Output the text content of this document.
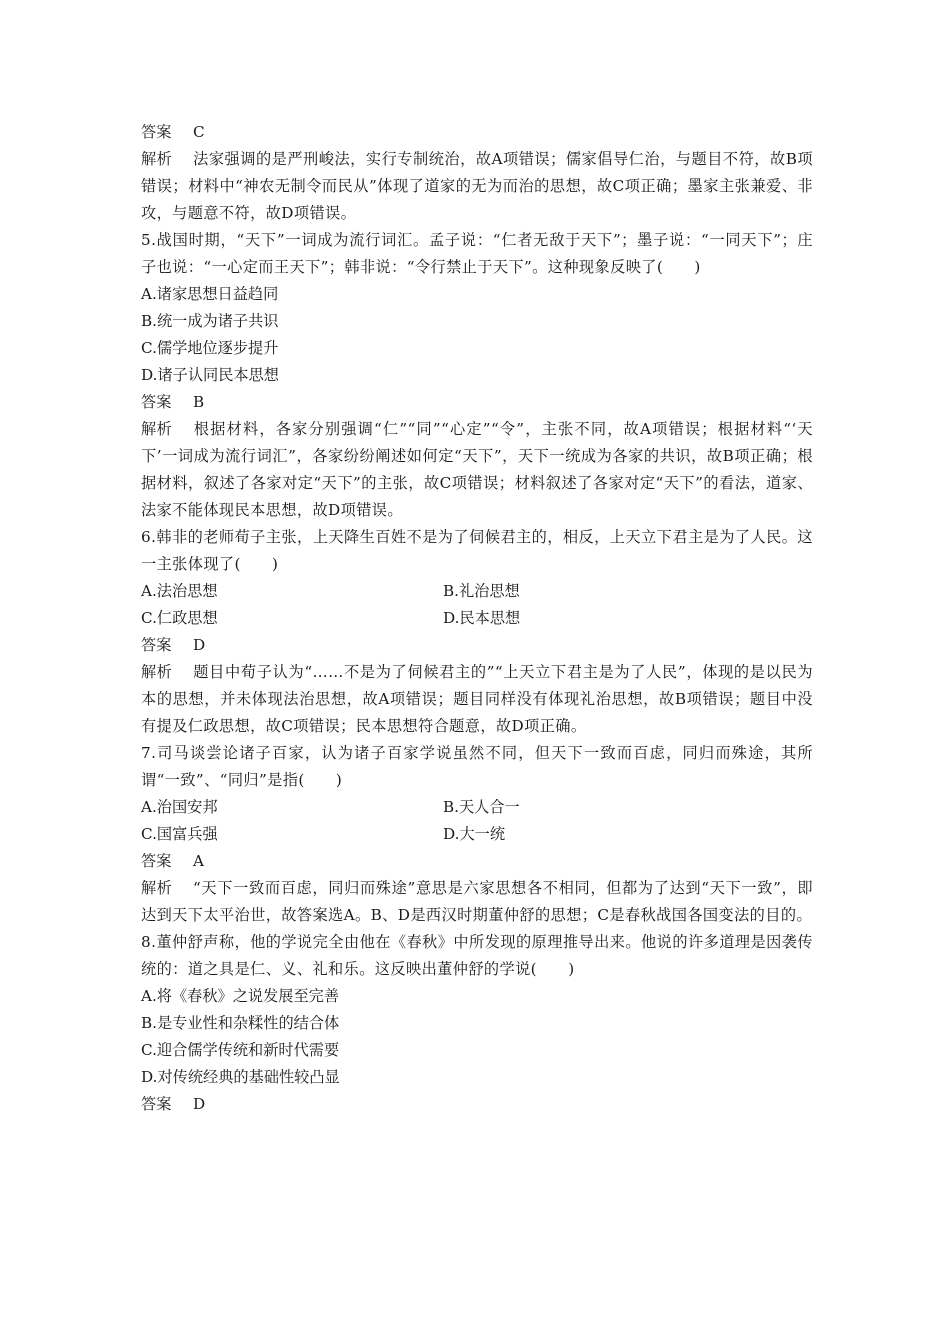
答案 C
解析 法家强调的是严刑峻法，实行专制统治，故A项错误；儒家倡导仁治，与题目不符，故B项错误；材料中“神农无制令而民从”体现了道家的无为而治的思想，故C项正确；墨家主张兼爱、非攻，与题意不符，故D项错误。
5.战国时期，“天下”一词成为流行词汇。孟子说：“仁者无敌于天下”；墨子说：“一同天下”；庄子也说：“一心定而王天下”；韩非说：“令行禁止于天下”。这种现象反映了(　　)
A.诸家思想日益趋同
B.统一成为诸子共识
C.儒学地位逐步提升
D.诸子认同民本思想
答案 B
解析 根据材料，各家分别强调“仁”“同”“心定”“令”，主张不同，故A项错误；根据材料“‘天下’一词成为流行词汇”，各家纷纷阐述如何定“天下”，天下一统成为各家的共识，故B项正确；根据材料，叙述了各家对定“天下”的主张，故C项错误；材料叙述了各家对定“天下”的看法，道家、法家不能体现民本思想，故D项错误。
6.韩非的老师荀子主张，上天降生百姓不是为了伺候君主的，相反，上天立下君主是为了人民。这一主张体现了(　　)
A.法治思想	B.礼治思想
C.仁政思想	D.民本思想
答案 D
解析 题目中荀子认为“……不是为了伺候君主的”“上天立下君主是为了人民”，体现的是以民为本的思想，并未体现法治思想，故A项错误；题目同样没有体现礼治思想，故B项错误；题目中没有提及仁政思想，故C项错误；民本思想符合题意，故D项正确。
7.司马谈尝论诸子百家，认为诸子百家学说虽然不同，但天下一致而百虑，同归而殊途，其所谓“一致”、“同归”是指(　　)
A.治国安邦	B.天人合一
C.国富兵强	D.大一统
答案 A
解析 “天下一致而百虑，同归而殊途”意思是六家思想各不相同，但都为了达到“天下一致”，即达到天下太平治世，故答案选A。B、D是西汉时期董仲舒的思想；C是春秋战国各国变法的目的。
8.董仲舒声称，他的学说完全由他在《春秋》中所发现的原理推导出来。他说的许多道理是因袭传统的：道之具是仁、义、礼和乐。这反映出董仲舒的学说(　　)
A.将《春秋》之说发展至完善
B.是专业性和杂糅性的结合体
C.迎合儒学传统和新时代需要
D.对传统经典的基础性较凸显
答案 D
